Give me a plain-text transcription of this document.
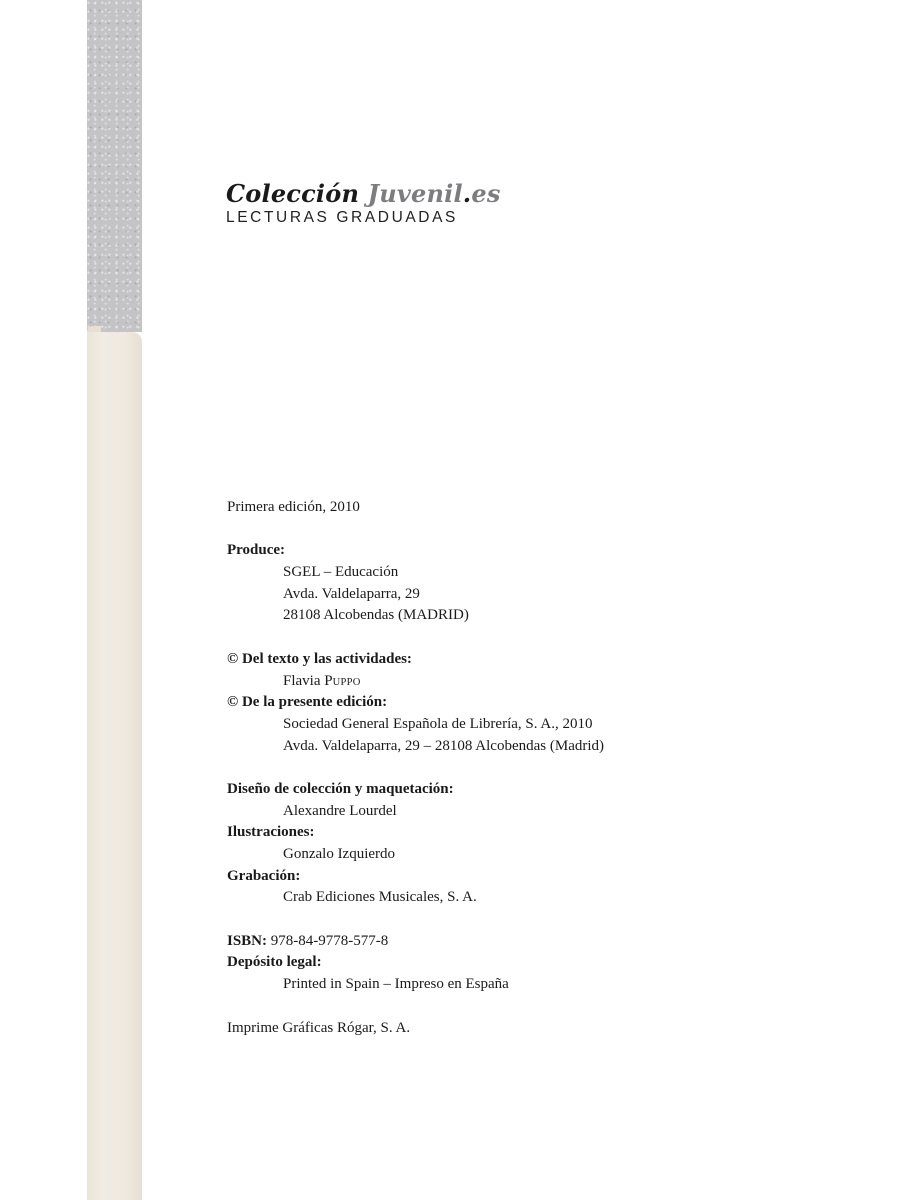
Colección Juvenil.es
LECTURAS GRADUADAS
Primera edición, 2010
Produce:
SGEL – Educación
Avda. Valdelaparra, 29
28108 Alcobendas (MADRID)
© Del texto y las actividades:
Flavia PUPPO
© De la presente edición:
Sociedad General Española de Librería, S. A., 2010
Avda. Valdelaparra, 29 – 28108 Alcobendas (Madrid)
Diseño de colección y maquetación:
Alexandre Lourdel
Ilustraciones:
Gonzalo Izquierdo
Grabación:
Crab Ediciones Musicales, S. A.
ISBN: 978-84-9778-577-8
Depósito legal:
Printed in Spain – Impreso en España
Imprime Gráficas Rógar, S. A.
